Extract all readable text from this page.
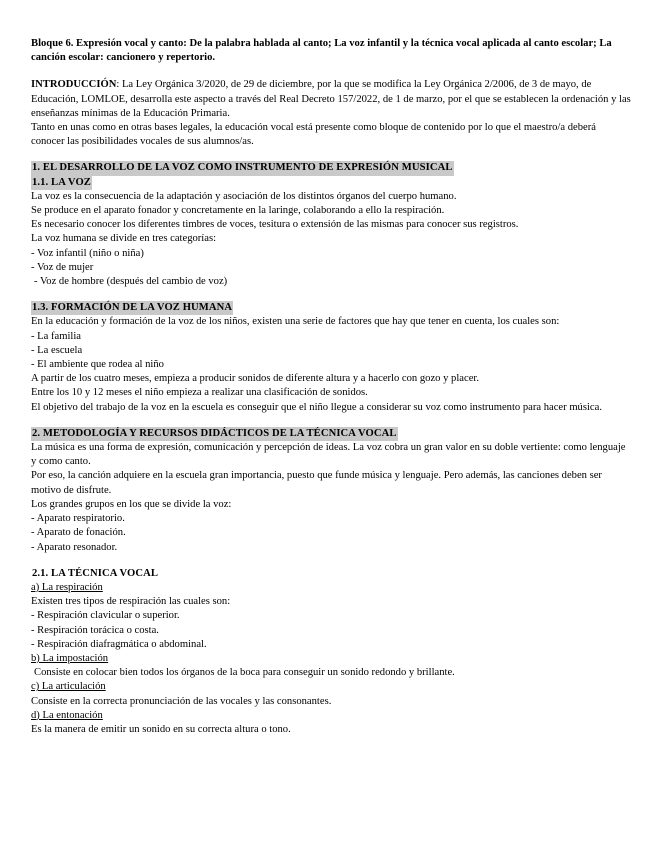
Bloque 6. Expresión vocal y canto: De la palabra hablada al canto; La voz infantil y la técnica vocal aplicada al canto escolar; La canción escolar: cancionero y repertorio.

INTRODUCCIÓN: La Ley Orgánica 3/2020, de 29 de diciembre, por la que se modifica la Ley Orgánica 2/2006, de 3 de mayo, de Educación, LOMLOE, desarrolla este aspecto a través del Real Decreto 157/2022, de 1 de marzo, por el que se establecen la ordenación y las enseñanzas mínimas de la Educación Primaria.

Tanto en unas como en otras bases legales, la educación vocal está presente como bloque de contenido por lo que el maestro/a deberá conocer las posibilidades vocales de sus alumnos/as.

1. EL DESARROLLO DE LA VOZ COMO INSTRUMENTO DE EXPRESIÓN MUSICAL
1.1. LA VOZ

La voz es la consecuencia de la adaptación y asociación de los distintos órganos del cuerpo humano.

Se produce en el aparato fonador y concretamente en la laringe, colaborando a ello la respiración.

Es necesario conocer los diferentes timbres de voces, tesitura o extensión de las mismas para conocer sus registros.

La voz humana se divide en tres categorías:

- Voz infantil (niño o niña)

- Voz de mujer

- Voz de hombre (después del cambio de voz)

1.3. FORMACIÓN DE LA VOZ HUMANA

En la educación y formación de la voz de los niños, existen una serie de factores que hay que tener en cuenta, los cuales son:

- La familia

- La escuela

- El ambiente que rodea al niño

A partir de los cuatro meses, empieza a producir sonidos de diferente altura y a hacerlo con gozo y placer.

Entre los 10 y 12 meses el niño empieza a realizar una clasificación de sonidos.

El objetivo del trabajo de la voz en la escuela es conseguir que el niño llegue a considerar su voz como instrumento para hacer música.

2. METODOLOGÍA Y RECURSOS DIDÁCTICOS DE LA TÉCNICA VOCAL

La música es una forma de expresión, comunicación y percepción de ideas. La voz cobra un gran valor en su doble vertiente: como lenguaje y como canto.

Por eso, la canción adquiere en la escuela gran importancia, puesto que funde música y lenguaje. Pero además, las canciones deben ser motivo de disfrute.

Los grandes grupos en los que se divide la voz:

- Aparato respiratorio.

- Aparato de fonación.

- Aparato resonador.

2.1. LA TÉCNICA VOCAL

a) La respiración

Existen tres tipos de respiración las cuales son:

- Respiración clavicular o superior.

- Respiración torácica o costa.

- Respiración diafragmática o abdominal.

b) La impostación

Consiste en colocar bien todos los órganos de la boca para conseguir un sonido redondo y brillante.

c) La articulación

Consiste en la correcta pronunciación de las vocales y las consonantes.

d) La entonación

Es la manera de emitir un sonido en su correcta altura o tono.
